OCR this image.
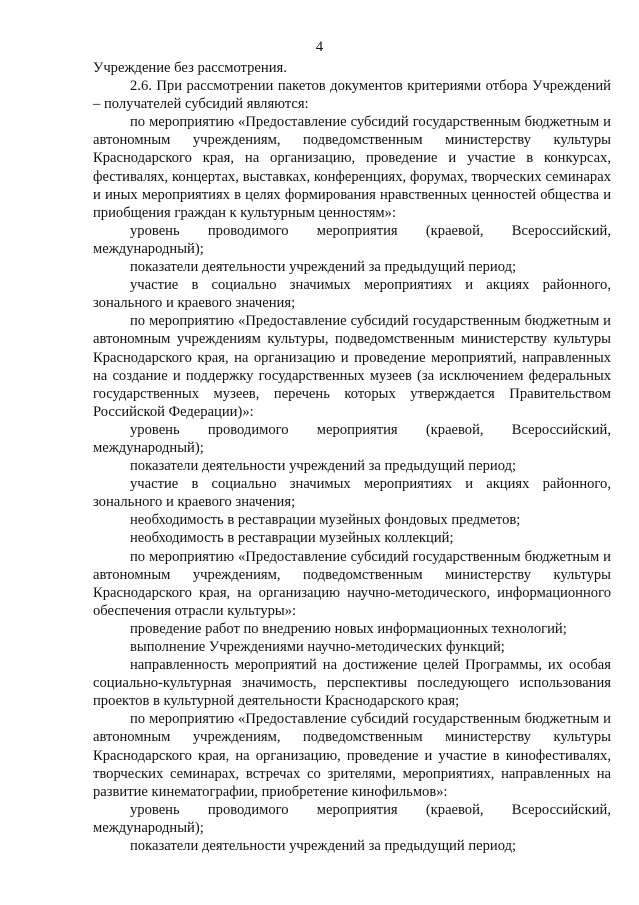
4

Учреждение без рассмотрения.

2.6. При рассмотрении пакетов документов критериями отбора Учреждений – получателей субсидий являются:

по мероприятию «Предоставление субсидий государственным бюджетным и автономным учреждениям, подведомственным министерству культуры Краснодарского края, на организацию, проведение и участие в конкурсах, фестивалях, концертах, выставках, конференциях, форумах, творческих семинарах и иных мероприятиях в целях формирования нравственных ценностей общества и приобщения граждан к культурным ценностям»:

уровень проводимого мероприятия (краевой, Всероссийский, международный);

показатели деятельности учреждений за предыдущий период;

участие в социально значимых мероприятиях и акциях районного, зонального и краевого значения;

по мероприятию «Предоставление субсидий государственным бюджетным и автономным учреждениям культуры, подведомственным министерству культуры Краснодарского края, на организацию и проведение мероприятий, направленных на создание и поддержку государственных музеев (за исключением федеральных государственных музеев, перечень которых утверждается Правительством Российской Федерации)»:

уровень проводимого мероприятия (краевой, Всероссийский, международный);

показатели деятельности учреждений за предыдущий период;

участие в социально значимых мероприятиях и акциях районного, зонального и краевого значения;

необходимость в реставрации музейных фондовых предметов;

необходимость в реставрации музейных коллекций;

по мероприятию «Предоставление субсидий государственным бюджетным и автономным учреждениям, подведомственным министерству культуры Краснодарского края, на организацию научно-методического, информационного обеспечения отрасли культуры»:

проведение работ по внедрению новых информационных технологий;

выполнение Учреждениями научно-методических функций;

направленность мероприятий на достижение целей Программы, их особая социально-культурная значимость, перспективы последующего использования проектов в культурной деятельности Краснодарского края;

по мероприятию «Предоставление субсидий государственным бюджетным и автономным учреждениям, подведомственным министерству культуры Краснодарского края, на организацию, проведение и участие в кинофестивалях, творческих семинарах, встречах со зрителями, мероприятиях, направленных на развитие кинематографии, приобретение кинофильмов»:

уровень проводимого мероприятия (краевой, Всероссийский, международный);

показатели деятельности учреждений за предыдущий период;
